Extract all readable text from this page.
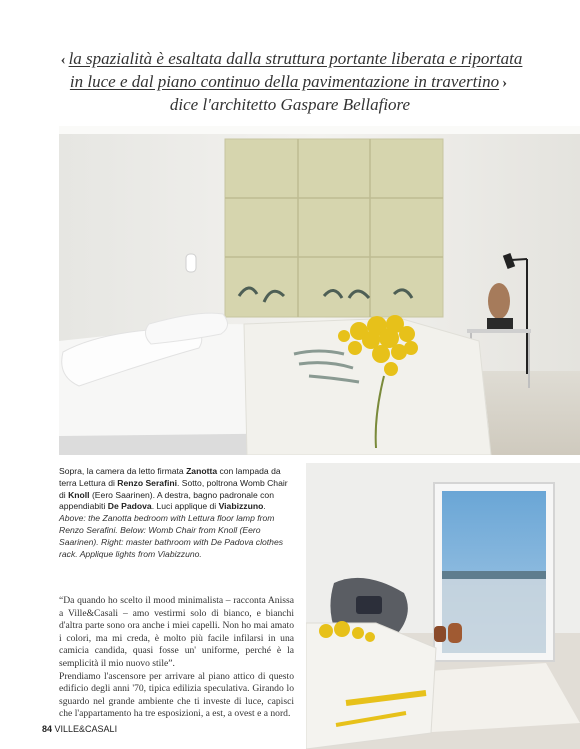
‹ la spazialità è esaltata dalla struttura portante liberata e riportata
in luce e dal piano continuo della pavimentazione in travertino ›
dice l'architetto Gaspare Bellafiore
Sopra, la camera da letto firmata Zanotta con lampada da terra Lettura di Renzo Serafini. Sotto, poltrona Womb Chair di Knoll (Eero Saarinen). A destra, bagno padronale con appendiabiti De Padova. Luci applique di Viabizzuno.
Above: the Zanotta bedroom with Lettura floor lamp from Renzo Serafini. Below: Womb Chair from Knoll (Eero Saarinen). Right: master bathroom with De Padova clothes rack. Applique lights from Viabizzuno.

“Da quando ho scelto il mood minimalista – racconta Anissa a Ville&Casali – amo vestirmi solo di bianco, e bianchi d'altra parte sono ora anche i miei capelli. Non ho mai amato i colori, ma mi creda, è molto più facile infilarsi in una camicia candida, quasi fosse un' uniforme, perché è la semplicità il mio nuovo stile”.

Prendiamo l'ascensore per arrivare al piano attico di questo edificio degli anni '70, tipica edilizia speculativa. Girando lo sguardo nel grande ambiente che ti investe di luce, capisci che l'appartamento ha tre esposizioni, a est, a ovest e a nord.

84 VILLE&CASALI
